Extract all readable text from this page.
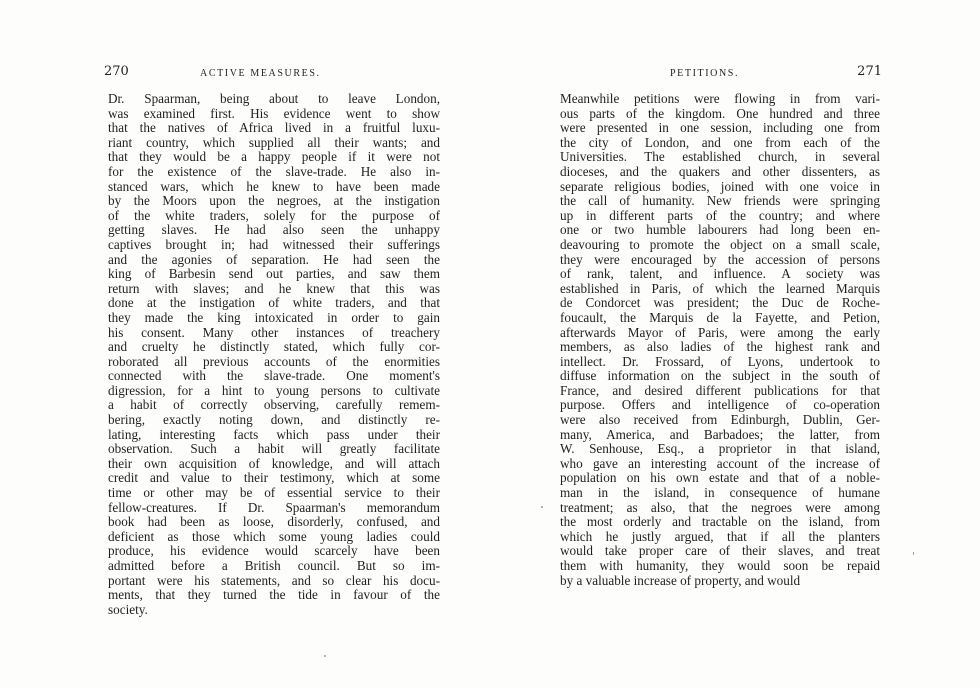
270	ACTIVE MEASURES.
Dr. Spaarman, being about to leave London,
was examined first. His evidence went to show
that the natives of Africa lived in a fruitful luxu-
riant country, which supplied all their wants; and
that they would be a happy people if it were not
for the existence of the slave-trade. He also in-
stanced wars, which he knew to have been made
by the Moors upon the negroes, at the instigation
of the white traders, solely for the purpose of
getting slaves. He had also seen the unhappy
captives brought in; had witnessed their sufferings
and the agonies of separation. He had seen the
king of Barbesin send out parties, and saw them
return with slaves; and he knew that this was
done at the instigation of white traders, and that
they made the king intoxicated in order to gain
his consent. Many other instances of treachery
and cruelty he distinctly stated, which fully cor-
roborated all previous accounts of the enormities
connected with the slave-trade. One moment's
digression, for a hint to young persons to cultivate
a habit of correctly observing, carefully remem-
bering, exactly noting down, and distinctly re-
lating, interesting facts which pass under their
observation. Such a habit will greatly facilitate
their own acquisition of knowledge, and will attach
credit and value to their testimony, which at some
time or other may be of essential service to their
fellow-creatures. If Dr. Spaarman's memorandum
book had been as loose, disorderly, confused, and
deficient as those which some young ladies could
produce, his evidence would scarcely have been
admitted before a British council. But so im-
portant were his statements, and so clear his docu-
ments, that they turned the tide in favour of the
society.
PETITIONS.	271
Meanwhile petitions were flowing in from vari-
ous parts of the kingdom. One hundred and three
were presented in one session, including one from
the city of London, and one from each of the
Universities. The established church, in several
dioceses, and the quakers and other dissenters, as
separate religious bodies, joined with one voice in
the call of humanity. New friends were springing
up in different parts of the country; and where
one or two humble labourers had long been en-
deavouring to promote the object on a small scale,
they were encouraged by the accession of persons
of rank, talent, and influence. A society was
established in Paris, of which the learned Marquis
de Condorcet was president; the Duc de Roche-
foucault, the Marquis de la Fayette, and Petion,
afterwards Mayor of Paris, were among the early
members, as also ladies of the highest rank and
intellect. Dr. Frossard, of Lyons, undertook to
diffuse information on the subject in the south of
France, and desired different publications for that
purpose. Offers and intelligence of co-operation
were also received from Edinburgh, Dublin, Ger-
many, America, and Barbadoes; the latter, from
W. Senhouse, Esq., a proprietor in that island,
who gave an interesting account of the increase of
population on his own estate and that of a noble-
man in the island, in consequence of humane
treatment; as also, that the negroes were among
the most orderly and tractable on the island, from
which he justly argued, that if all the planters
would take proper care of their slaves, and treat
them with humanity, they would soon be repaid
by a valuable increase of property, and would
